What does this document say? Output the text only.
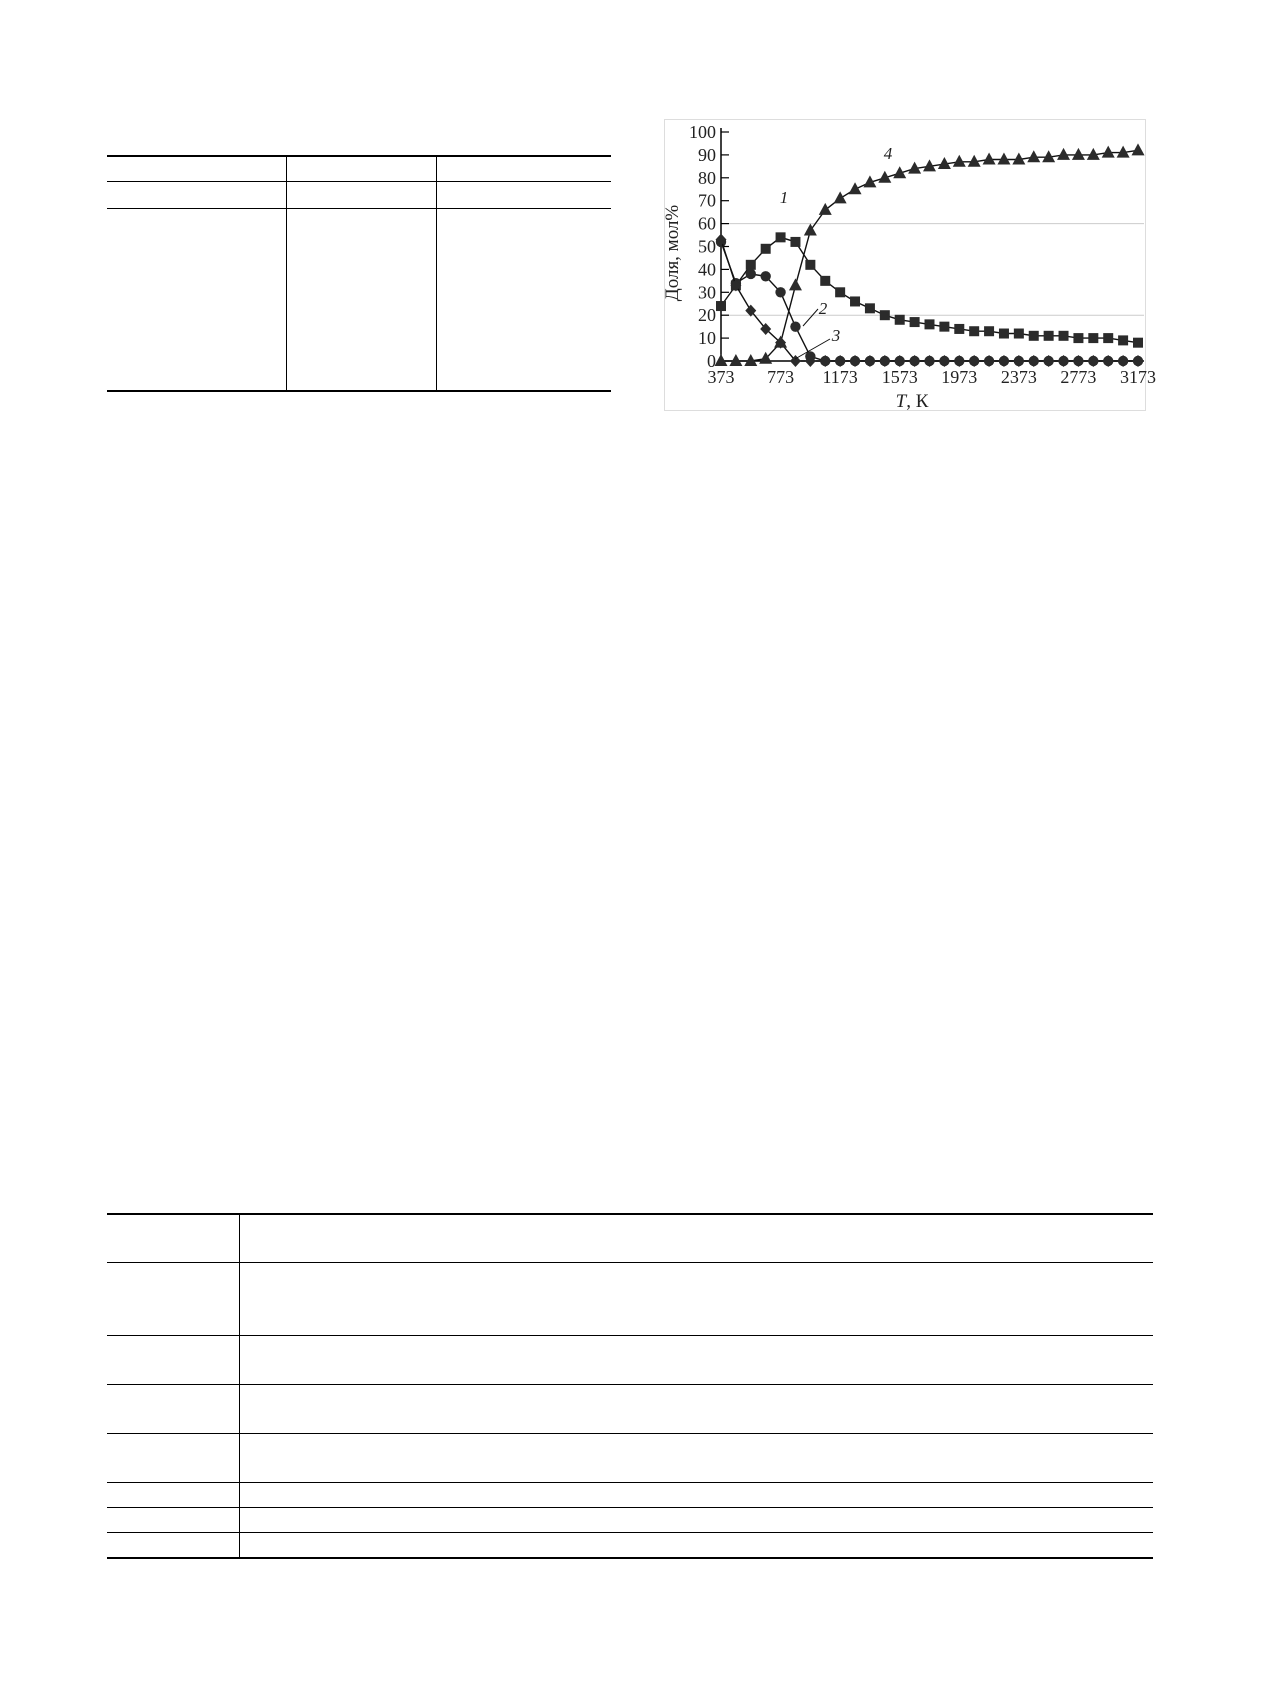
0
10
20
30
40
50
60
70
80
90
100
373 773 1173 1573 1973 2373 2773 3173
1
2
3
4
Доля, мол%
T, К
